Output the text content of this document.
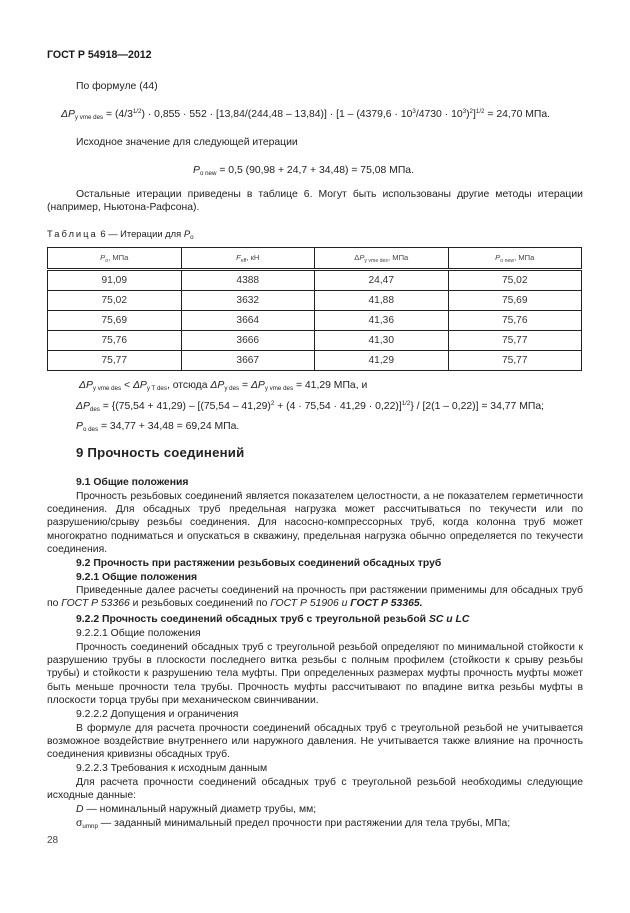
ГОСТ Р 54918—2012
По формуле (44)
$\Delta P_{y vme des} = (4/3^{1/2}) \cdot 0,855 \cdot 552 \cdot [13,84/(244,48 - 13,84)] \cdot [1 - (4379,6 \cdot 10^3/4730 \cdot 10^3)^2]^{1/2} = 24,70$ МПа.
Исходное значение для следующей итерации
$P_{o new} = 0,5$ (90,98 + 24,7 + 34,48) = 75,08 МПа.

Остальные итерации приведены в таблице 6. Могут быть использованы другие методы итерации (например, Ньютона-Рафсона).

Таблица 6 — Итерации для $P_o$
$P_o$, МПа	$F_{eff}$, кН	$\Delta P_{y vme des}$, МПа	$P_{o new}$, МПа
91,09	4388	24,47	75,02
75,02	3632	41,88	75,69
75,69	3664	41,36	75,76
75,76	3666	41,30	75,77
75,77	3667	41,29	75,77
$\Delta P_{y vme des} < \Delta P_{y T des}$, отсюда $\Delta P_{y des} = \Delta P_{y vme des} = 41,29$ МПа, и
$\Delta P_{des} = \{(75,54 + 41,29) - [(75,54 - 41,29)^2 + (4 \cdot 75,54 \cdot 41,29 \cdot 0,22)]^{1/2}\} / [2(1 - 0,22)] = 34,77$ МПа;
$P_{o des} = 34,77 + 34,48 = 69,24$ МПа.
9 Прочность соединений
9.1 Общие положения

Прочность резьбовых соединений является показателем целостности, а не показателем герметичности соединения. Для обсадных труб предельная нагрузка может рассчитываться по текучести или по разрушению/срыву резьбы соединения. Для насосно-компрессорных труб, когда колонна труб может многократно подниматься и опускаться в скважину, предельная нагрузка обычно определяется по текучести соединения.

9.2 Прочность при растяжении резьбовых соединений обсадных труб
9.2.1 Общие положения

Приведенные далее расчеты соединений на прочность при растяжении применимы для обсадных труб по ГОСТ Р 53366 и резьбовых соединений по ГОСТ Р 51906 и ГОСТ Р 53365.

9.2.2 Прочность соединений обсадных труб с треугольной резьбой SC и LC
9.2.2.1 Общие положения

Прочность соединений обсадных труб с треугольной резьбой определяют по минимальной стойкости к разрушению трубы в плоскости последнего витка резьбы с полным профилем (стойкости к срыву резьбы трубы) и стойкости к разрушению тела муфты. При определенных размерах муфты прочность муфты может быть меньше прочности тела трубы. Прочность муфты рассчитывают по впадине витка резьбы муфты в плоскости торца трубы при механическом свинчивании.

9.2.2.2 Допущения и ограничения

В формуле для расчета прочности соединений обсадных труб с треугольной резьбой не учитывается возможное воздействие внутреннего или наружного давления. Не учитывается также влияние на прочность соединения кривизны обсадных труб.

9.2.2.3 Требования к исходным данным

Для расчета прочности соединений обсадных труб с треугольной резьбой необходимы следующие исходные данные:

D — номинальный наружный диаметр трубы, мм;
$\sigma_{umnp}$ — заданный минимальный предел прочности при растяжении для тела трубы, МПа;
28
